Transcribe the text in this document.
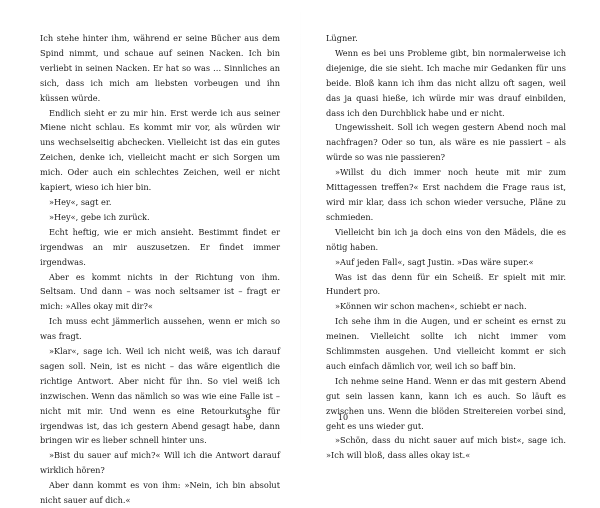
Ich stehe hinter ihm, während er seine Bücher aus dem Spind nimmt, und schaue auf seinen Nacken. Ich bin verliebt in seinen Nacken. Er hat so was … Sinnliches an sich, dass ich mich am liebsten vorbeugen und ihn küssen würde.

Endlich sieht er zu mir hin. Erst werde ich aus seiner Miene nicht schlau. Es kommt mir vor, als würden wir uns wechselseitig abchecken. Vielleicht ist das ein gutes Zeichen, denke ich, vielleicht macht er sich Sorgen um mich. Oder auch ein schlechtes Zeichen, weil er nicht kapiert, wieso ich hier bin.

»Hey«, sagt er.

»Hey«, gebe ich zurück.

Echt heftig, wie er mich ansieht. Bestimmt findet er irgendwas an mir auszusetzen. Er findet immer irgendwas.

Aber es kommt nichts in der Richtung von ihm. Seltsam. Und dann – was noch seltsamer ist – fragt er mich: »Alles okay mit dir?«

Ich muss echt jämmerlich aussehen, wenn er mich so was fragt.

»Klar«, sage ich. Weil ich nicht weiß, was ich darauf sagen soll. Nein, ist es nicht – das wäre eigentlich die richtige Antwort. Aber nicht für ihn. So viel weiß ich inzwischen. Wenn das nämlich so was wie eine Falle ist – nicht mit mir. Und wenn es eine Retourkutsche für irgendwas ist, das ich gestern Abend gesagt habe, dann bringen wir es lieber schnell hinter uns.

»Bist du sauer auf mich?« Will ich die Antwort darauf wirklich hören?

Aber dann kommt es von ihm: »Nein, ich bin absolut nicht sauer auf dich.«

Lügner.

Wenn es bei uns Probleme gibt, bin normalerweise ich diejenige, die sie sieht. Ich mache mir Gedanken für uns beide. Bloß kann ich ihm das nicht allzu oft sagen, weil das ja quasi hieße, ich würde mir was drauf einbilden, dass ich den Durchblick habe und er nicht.

Ungewissheit. Soll ich wegen gestern Abend noch mal nachfragen? Oder so tun, als wäre es nie passiert – als würde so was nie passieren?

»Willst du dich immer noch heute mit mir zum Mittagessen treffen?« Erst nachdem die Frage raus ist, wird mir klar, dass ich schon wieder versuche, Pläne zu schmieden.

Vielleicht bin ich ja doch eins von den Mädels, die es nötig haben.

»Auf jeden Fall«, sagt Justin. »Das wäre super.«

Was ist das denn für ein Scheiß. Er spielt mit mir. Hundert pro.

»Können wir schon machen«, schiebt er nach.

Ich sehe ihm in die Augen, und er scheint es ernst zu meinen. Vielleicht sollte ich nicht immer vom Schlimmsten ausgehen. Und vielleicht kommt er sich auch einfach dämlich vor, weil ich so baff bin.

Ich nehme seine Hand. Wenn er das mit gestern Abend gut sein lassen kann, kann ich es auch. So läuft es zwischen uns. Wenn die blöden Streitereien vorbei sind, geht es uns wieder gut.

»Schön, dass du nicht sauer auf mich bist«, sage ich. »Ich will bloß, dass alles okay ist.«

9	10
